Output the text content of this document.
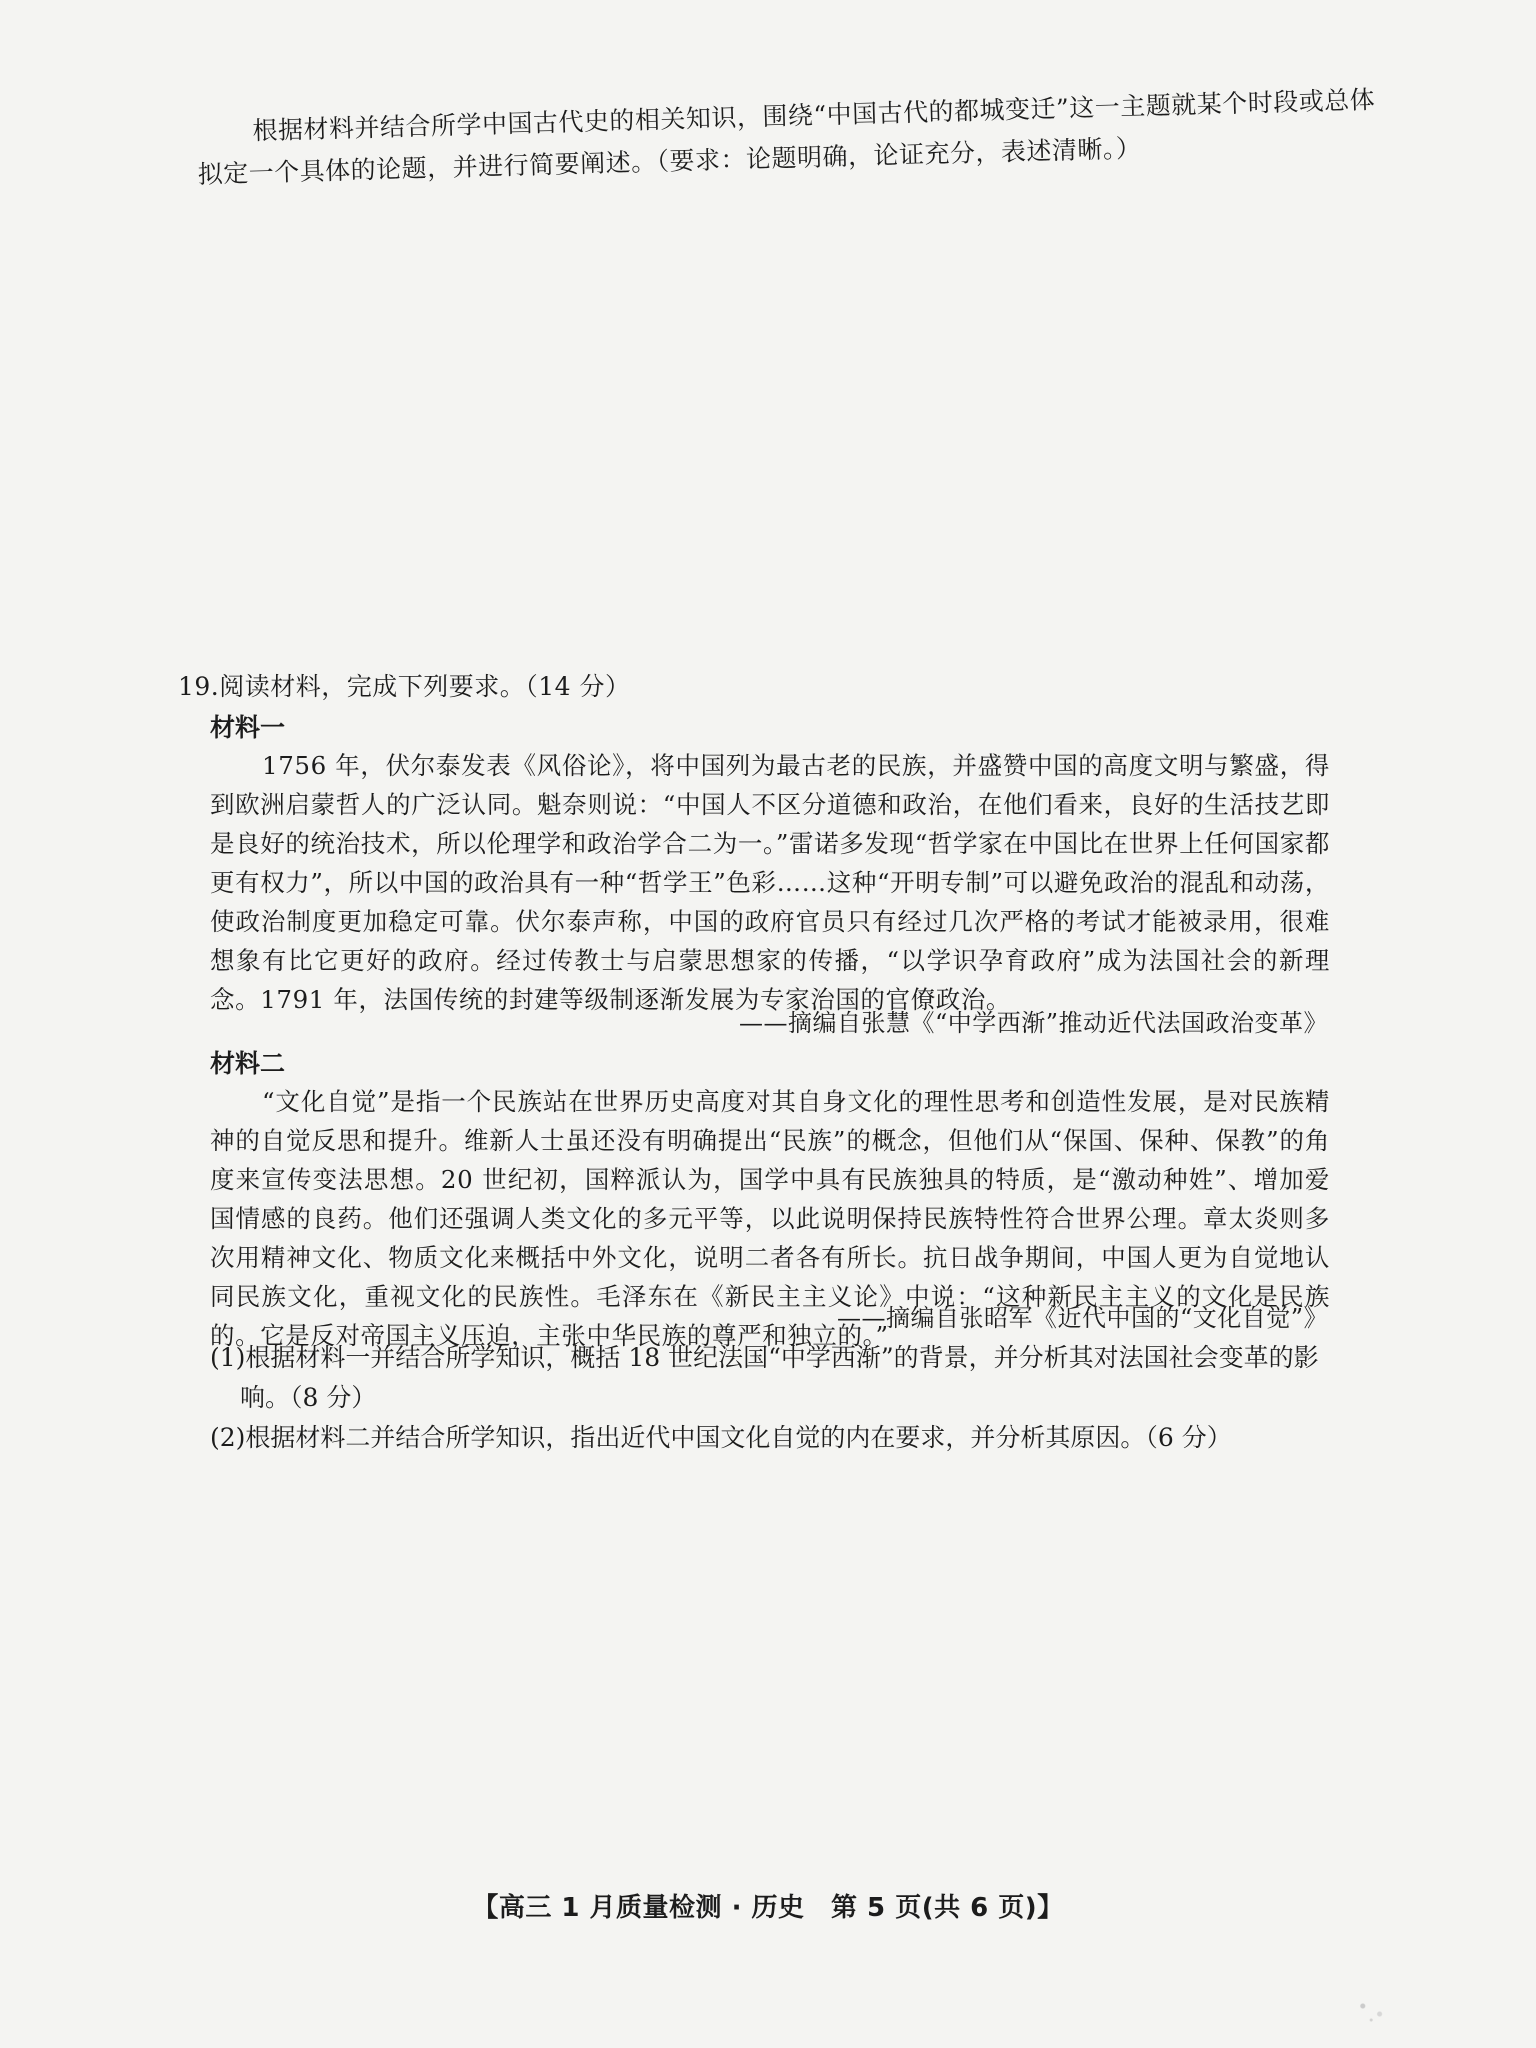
根据材料并结合所学中国古代史的相关知识，围绕“中国古代的都城变迁”这一主题就某个时段或总体拟定一个具体的论题，并进行简要阐述。（要求：论题明确，论证充分，表述清晰。）

19.阅读材料，完成下列要求。（14 分）
材料一

1756 年，伏尔泰发表《风俗论》，将中国列为最古老的民族，并盛赞中国的高度文明与繁盛，得到欧洲启蒙哲人的广泛认同。魁奈则说：“中国人不区分道德和政治，在他们看来，良好的生活技艺即是良好的统治技术，所以伦理学和政治学合二为一。”雷诺多发现“哲学家在中国比在世界上任何国家都更有权力”，所以中国的政治具有一种“哲学王”色彩……这种“开明专制”可以避免政治的混乱和动荡，使政治制度更加稳定可靠。伏尔泰声称，中国的政府官员只有经过几次严格的考试才能被录用，很难想象有比它更好的政府。经过传教士与启蒙思想家的传播，“以学识孕育政府”成为法国社会的新理念。1791 年，法国传统的封建等级制逐渐发展为专家治国的官僚政治。

——摘编自张慧《“中学西渐”推动近代法国政治变革》
材料二

“文化自觉”是指一个民族站在世界历史高度对其自身文化的理性思考和创造性发展，是对民族精神的自觉反思和提升。维新人士虽还没有明确提出“民族”的概念，但他们从“保国、保种、保教”的角度来宣传变法思想。20 世纪初，国粹派认为，国学中具有民族独具的特质，是“激动种姓”、增加爱国情感的良药。他们还强调人类文化的多元平等，以此说明保持民族特性符合世界公理。章太炎则多次用精神文化、物质文化来概括中外文化，说明二者各有所长。抗日战争期间，中国人更为自觉地认同民族文化，重视文化的民族性。毛泽东在《新民主主义论》中说：“这种新民主主义的文化是民族的。它是反对帝国主义压迫，主张中华民族的尊严和独立的。”

——摘编自张昭军《近代中国的“文化自觉”》
(1)根据材料一并结合所学知识，概括 18 世纪法国“中学西渐”的背景，并分析其对法国社会变革的影
响。（8 分）
(2)根据材料二并结合所学知识，指出近代中国文化自觉的内在要求，并分析其原因。（6 分）
【高三 1 月质量检测 · 历史　第 5 页(共 6 页)】
